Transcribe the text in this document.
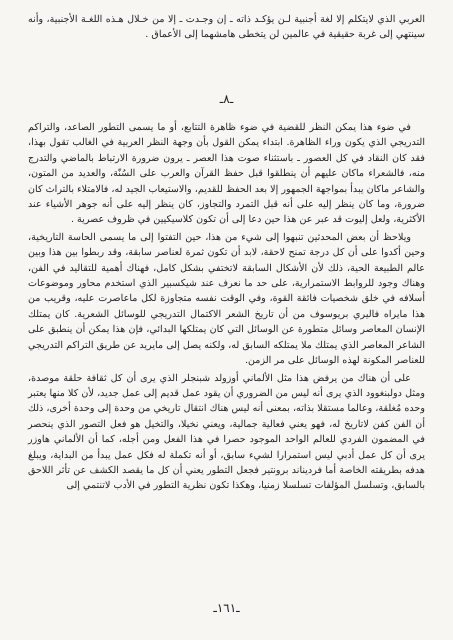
العربي الذي لايتكلم إلا لغة أجنبية لـن يؤكـد ذاته ـ إن وجـدت ـ إلا من خـلال هـذه اللغـة الأجنبية، وأنه سينتهي إلى غربة حقيقية في عالمين لن يتخطى هامشهما إلى الأعماق .

ـ٨ـ

في ضوء هذا يمكن النظر للقضية في ضوء ظاهرة التتابع، أو ما يسمى التطور الصاعد، والتراكم التدريجي الذي يكون وراء الظاهرة. ابتداء يمكن القول بأن وجهة النظر العربية في الغالب تقول بهذا، فقد كان النقاد في كل العصور ـ باستثناء صوت هذا العصر ـ يرون ضرورة الارتباط بالماضي والتدرج منه، فالشعراء ماكان عليهم أن ينطلقوا قبل حفظ القرآن والعرب على السُنّة، والعديد من المتون، والشاعر ماكان يبدأ بمواجهة الجمهور إلا بعد الحفظ للقديم، والاستيعاب الجيد له، فالامتلاء بالتراث كان ضرورة، وما كان ينظر إليه على أنه قبل التمرد والتجاوز، كان ينظر إليه على أنه جوهر الأشياء عند الأكثرية، ولعل إليوت قد عبر عن هذا حين دعا إلى أن تكون كلاسيكيين في ظروف عصرية .

ويلاحظ أن بعض المحدثين تنبهوا إلى شيء من هذا، حين التفتوا إلى ما يسمى الحاسة التاريخية، وحين أكدوا على أن كل درجة تمنح لاحقة، لابد أن تكون ثمرة لعناصر سابقة، وقد ربطوا بين هذا وبين عالم الطبيعة الحية، ذلك لأن الأشكال السابقة لاتختفي بشكل كامل، فهناك أهمية للتقاليد في الفن، وهناك وجود للروابط الاستمرارية، على حد ما نعرف عند شيكسبير الذي استخدم محاور وموضوعات أسلافه في خلق شخصيات فائقة القوة، وفي الوقت نفسه متجاوزة لكل ماعاصرت عليه، وقريب من هذا مايراه فاليري بريوسوف من أن تاريخ الشعر الاكتمال التدريجي للوسائل الشعرية. كان يمتلك الإنسان المعاصر وسائل متطورة عن الوسائل التي كان يمتلكها البدائي، فإن هذا يمكن أن ينطبق على الشاعر المعاصر الذي يمتلك ملا يمتلكه السابق له، ولكنه يصل إلى مايريد عن طريق التراكم التدريجي للعناصر المكونة لهذه الوسائل على مر الزمن.

على أن هناك من يرفض هذا مثل الألماني أوزولد شبنجلر الذي يرى أن كل ثقافة حلقة موصدة، ومثل دولبنغوود الذي يرى أنه ليس من الضروري أن يقود عمل قديم إلى عمل جديد، لأن كلا منها يعتبر وحده مُغلقة، وعالما مستقلا بذاته، بمعنى أنه ليس هناك انتقال تاريخي من وحدة إلى وحدة أخرى، ذلك أن الفن كفن لاتاريخ له، فهو يعني فعالية جمالية، ويعني نخيلا، والتخيل هو فعل التصور الذي ينحصر في المضمون الفردي للعالم الواحد الموجود حصرا في هذا الفعل ومن أجله، كما أن الألماني هاوزر يرى أن كل عمل أدبي ليس استمرارا لشيء سابق، أو أنه تكملة له فكل عمل يبدأ من البداية، ويبلغ هدفه بطريقته الخاصة أما فرديناند برونتير فجعل التطور يعني أن كل ما يقصد الكشف عن تأثر اللاحق بالسابق، وتسلسل المؤلفات تسلسلا زمنيا، وهكذا تكون نظرية التطور في الأدب لاتنتمي إلى

ـ١٦١ـ
